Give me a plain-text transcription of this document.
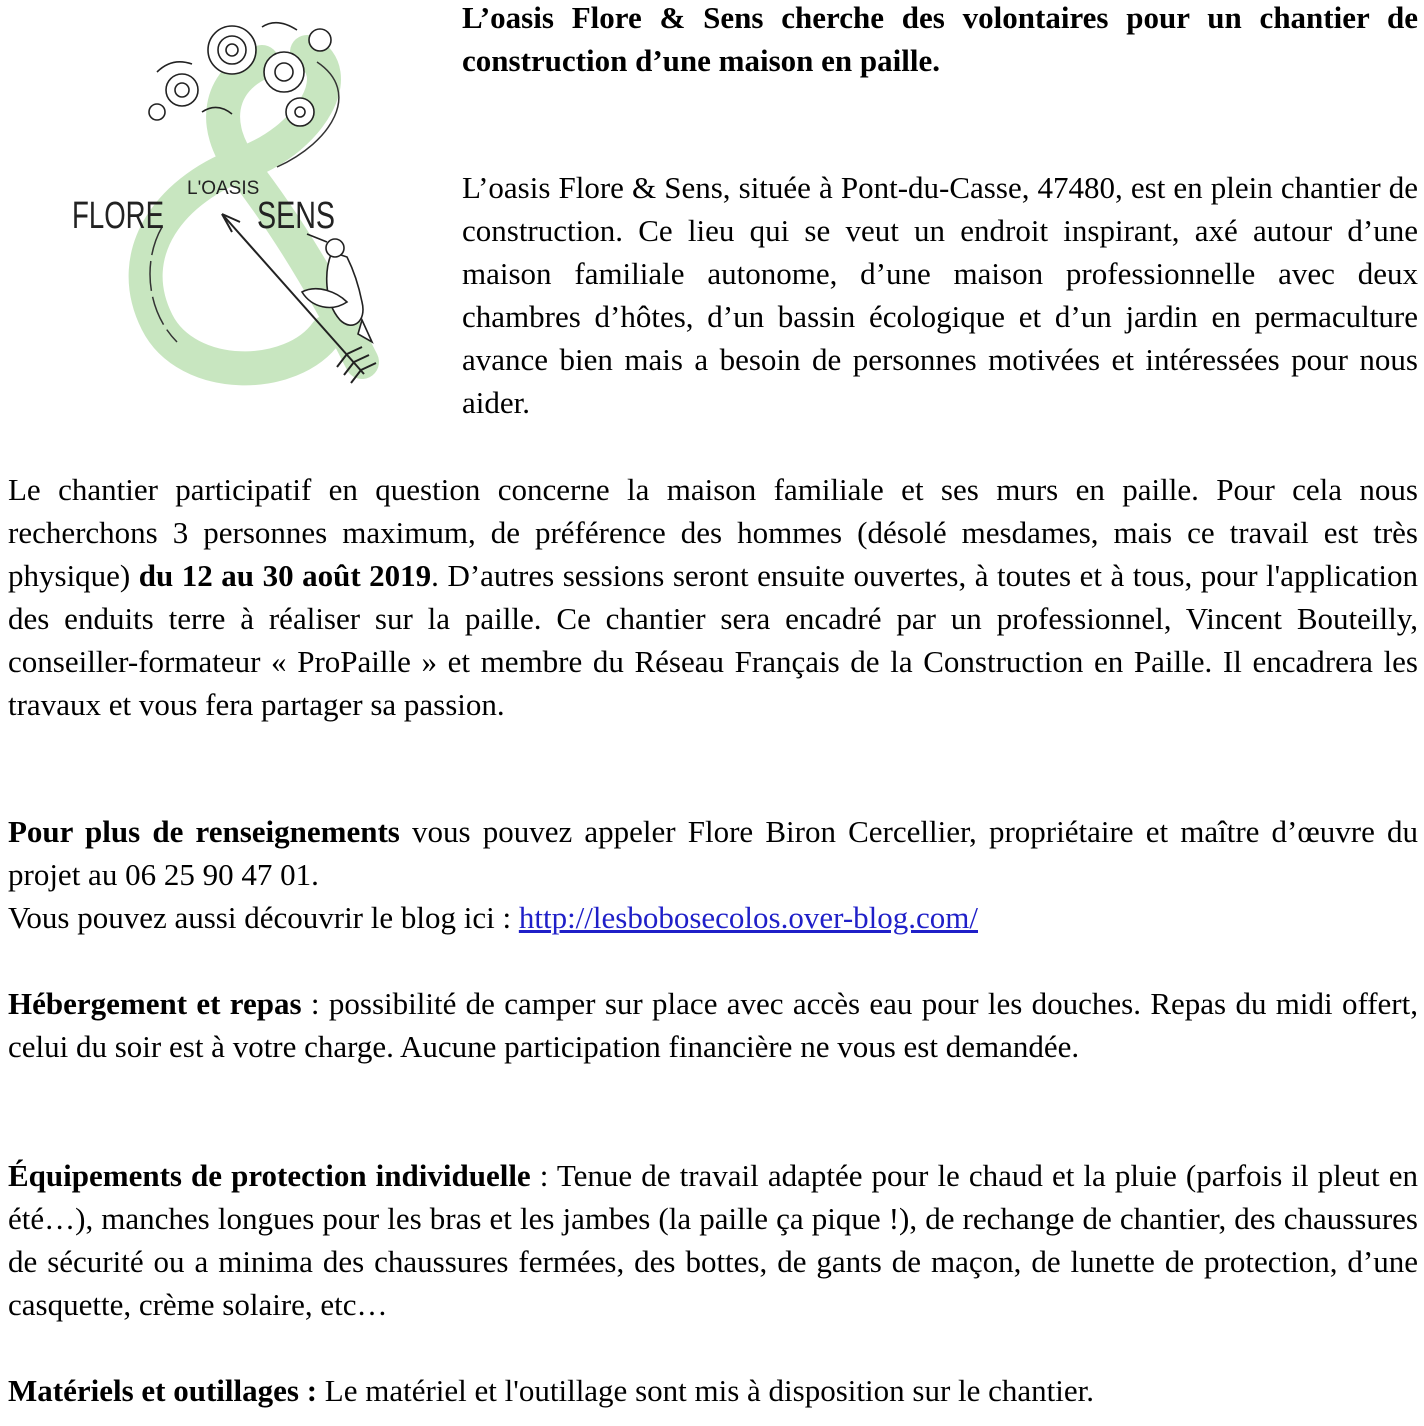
L'OASIS
FLORE SENS
L’oasis Flore & Sens cherche des volontaires pour un chantier de construction d’une maison en paille.

L’oasis Flore & Sens, située à Pont-du-Casse, 47480, est en plein chantier de construction. Ce lieu qui se veut un endroit inspirant, axé autour d’une maison familiale autonome, d’une maison professionnelle avec deux chambres d’hôtes, d’un bassin écologique et d’un jardin en permaculture avance bien mais a besoin de personnes motivées et intéressées pour nous aider.

Le chantier participatif en question concerne la maison familiale et ses murs en paille. Pour cela nous recherchons 3 personnes maximum, de préférence des hommes (désolé mesdames, mais ce travail est très physique) du 12 au 30 août 2019. D’autres sessions seront ensuite ouvertes, à toutes et à tous, pour l'application des enduits terre à réaliser sur la paille. Ce chantier sera encadré par un professionnel, Vincent Bouteilly, conseiller-formateur « ProPaille » et membre du Réseau Français de la Construction en Paille. Il encadrera les travaux et vous fera partager sa passion.

Pour plus de renseignements vous pouvez appeler Flore Biron Cercellier, propriétaire et maître d’œuvre du projet au 06 25 90 47 01.

Vous pouvez aussi découvrir le blog ici : http://lesbobosecolos.over-blog.com/

Hébergement et repas : possibilité de camper sur place avec accès eau pour les douches. Repas du midi offert, celui du soir est à votre charge. Aucune participation financière ne vous est demandée.

Équipements de protection individuelle : Tenue de travail adaptée pour le chaud et la pluie (parfois il pleut en été…), manches longues pour les bras et les jambes (la paille ça pique !), de rechange de chantier, des chaussures de sécurité ou a minima des chaussures fermées, des bottes, de gants de maçon, de lunette de protection, d’une casquette, crème solaire, etc…

Matériels et outillages : Le matériel et l'outillage sont mis à disposition sur le chantier.
